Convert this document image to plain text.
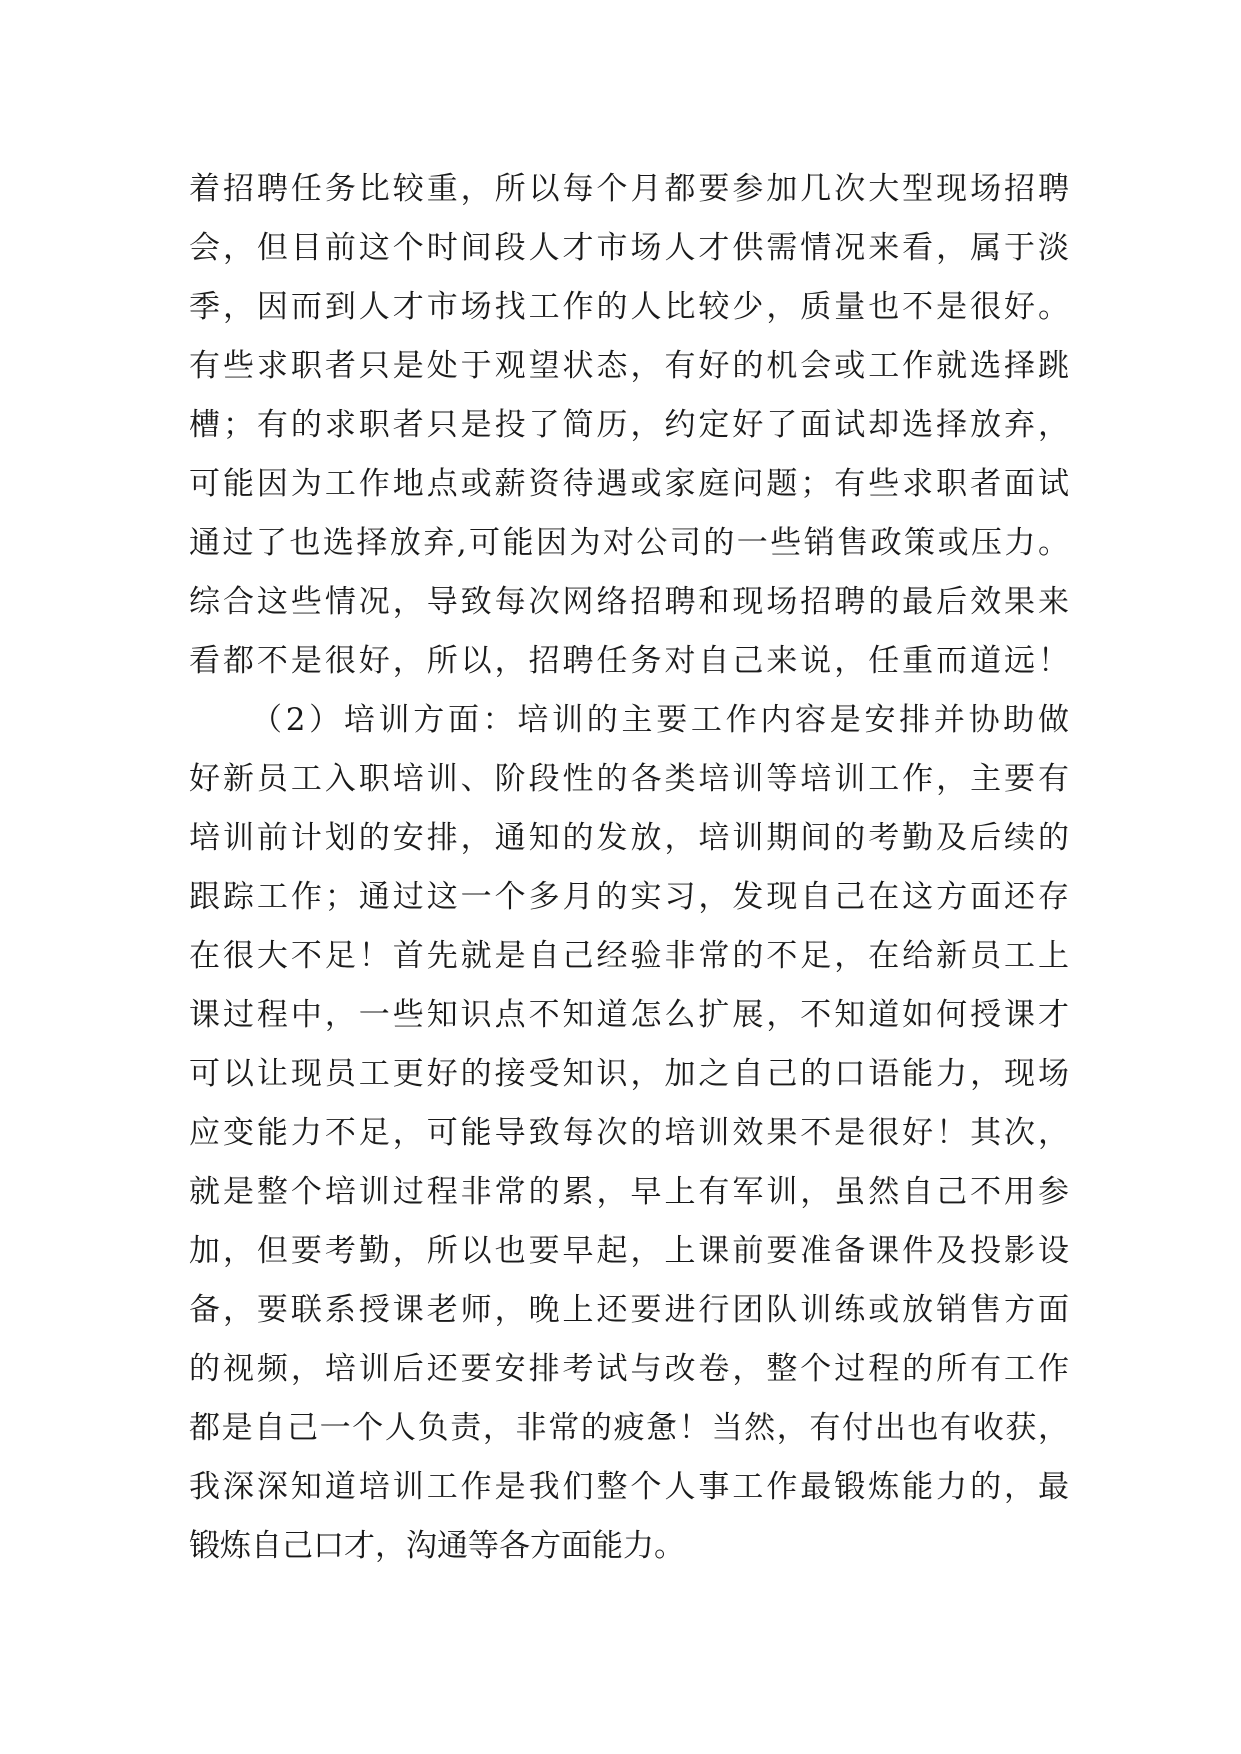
着招聘任务比较重，所以每个月都要参加几次大型现场招聘
会，但目前这个时间段人才市场人才供需情况来看，属于淡
季，因而到人才市场找工作的人比较少，质量也不是很好。
有些求职者只是处于观望状态，有好的机会或工作就选择跳
槽；有的求职者只是投了简历，约定好了面试却选择放弃，
可能因为工作地点或薪资待遇或家庭问题；有些求职者面试
通过了也选择放弃,可能因为对公司的一些销售政策或压力。
综合这些情况，导致每次网络招聘和现场招聘的最后效果来
看都不是很好，所以，招聘任务对自己来说，任重而道远！
（2）培训方面：培训的主要工作内容是安排并协助做
好新员工入职培训、阶段性的各类培训等培训工作，主要有
培训前计划的安排，通知的发放，培训期间的考勤及后续的
跟踪工作；通过这一个多月的实习，发现自己在这方面还存
在很大不足！首先就是自己经验非常的不足，在给新员工上
课过程中，一些知识点不知道怎么扩展，不知道如何授课才
可以让现员工更好的接受知识，加之自己的口语能力，现场
应变能力不足，可能导致每次的培训效果不是很好！其次，
就是整个培训过程非常的累，早上有军训，虽然自己不用参
加，但要考勤，所以也要早起，上课前要准备课件及投影设
备，要联系授课老师，晚上还要进行团队训练或放销售方面
的视频，培训后还要安排考试与改卷，整个过程的所有工作
都是自己一个人负责，非常的疲惫！当然，有付出也有收获，
我深深知道培训工作是我们整个人事工作最锻炼能力的，最
锻炼自己口才，沟通等各方面能力。
